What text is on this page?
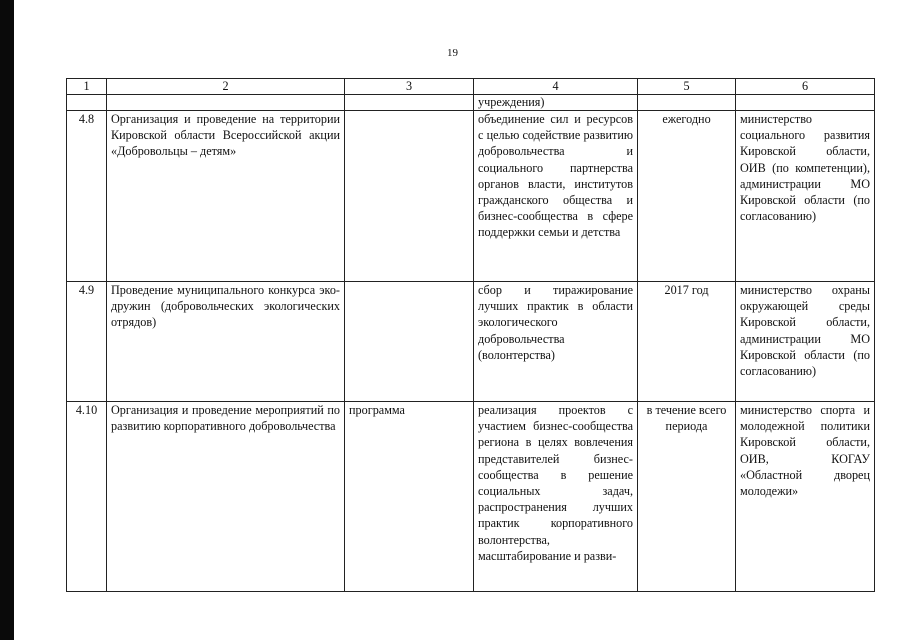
19
1	2	3	4	5	6
			учреждения)		
4.8	Организация и проведение на территории Кировской области Всероссийской акции «Добровольцы – детям»		объединение сил и ресурсов с целью содействие развитию добровольчества и социального партнерства органов власти, институтов гражданского общества и бизнес-сообщества в сфере поддержки семьи и детства	ежегодно	министерство социального развития Кировской области, ОИВ (по компетенции), администрации МО Кировской области (по согласованию)
4.9	Проведение муниципального конкурса эко-дружин (добровольческих экологических отрядов)		сбор и тиражирование лучших практик в области экологического добровольчества (волонтерства)	2017 год	министерство охраны окружающей среды Кировской области, администрации МО Кировской области (по согласованию)
4.10	Организация и проведение мероприятий по развитию корпоративного добровольчества	программа	реализация проектов с участием бизнес-сообщества региона в целях вовлечения представителей бизнес-сообщества в решение социальных задач, распространения лучших практик корпоративного волонтерства, масштабирование и разви-	в течение всего периода	министерство спорта и молодежной политики Кировской области, ОИВ, КОГАУ «Областной дворец молодежи»
